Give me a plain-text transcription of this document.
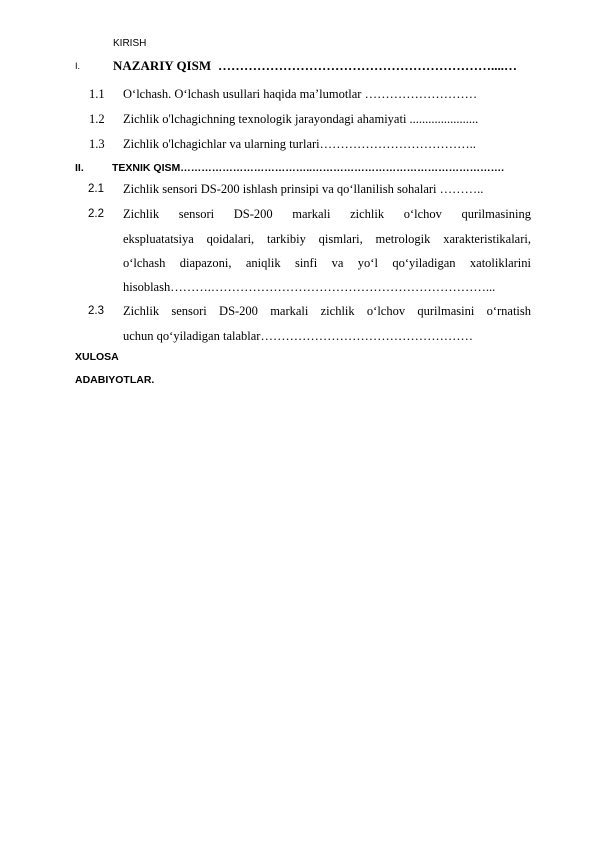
KIRISH
I.	NAZARIY QISM ………………………………………………………....…
1.1 O‘lchash. O‘lchash usullari haqida ma’lumotlar ………………………
1.2 Zichlik o'lchagichning texnologik jarayondagi ahamiyati ......................
1.3 Zichlik o'lchagichlar va ularning turlari………………………………..
II.	TEXNIK QISM………………………………..……………………………………………….
2.1 Zichlik sensori DS-200 ishlash prinsipi va qo‘llanilish sohalari ………..
2.2 Zichlik sensori DS-200 markali zichlik o‘lchov qurilmasining
ekspluatatsiya qoidalari, tarkibiy qismlari, metrologik xarakteristikalari,
o‘lchash diapazoni, aniqlik sinfi va yo‘l qo‘yiladigan xatoliklarini
hisoblash……….…………………………………………………………...
2.3 Zichlik sensori DS-200 markali zichlik o‘lchov qurilmasini o‘rnatish
uchun qo‘yiladigan talablar……………………………………………
XULOSA
ADABIYOTLAR.
